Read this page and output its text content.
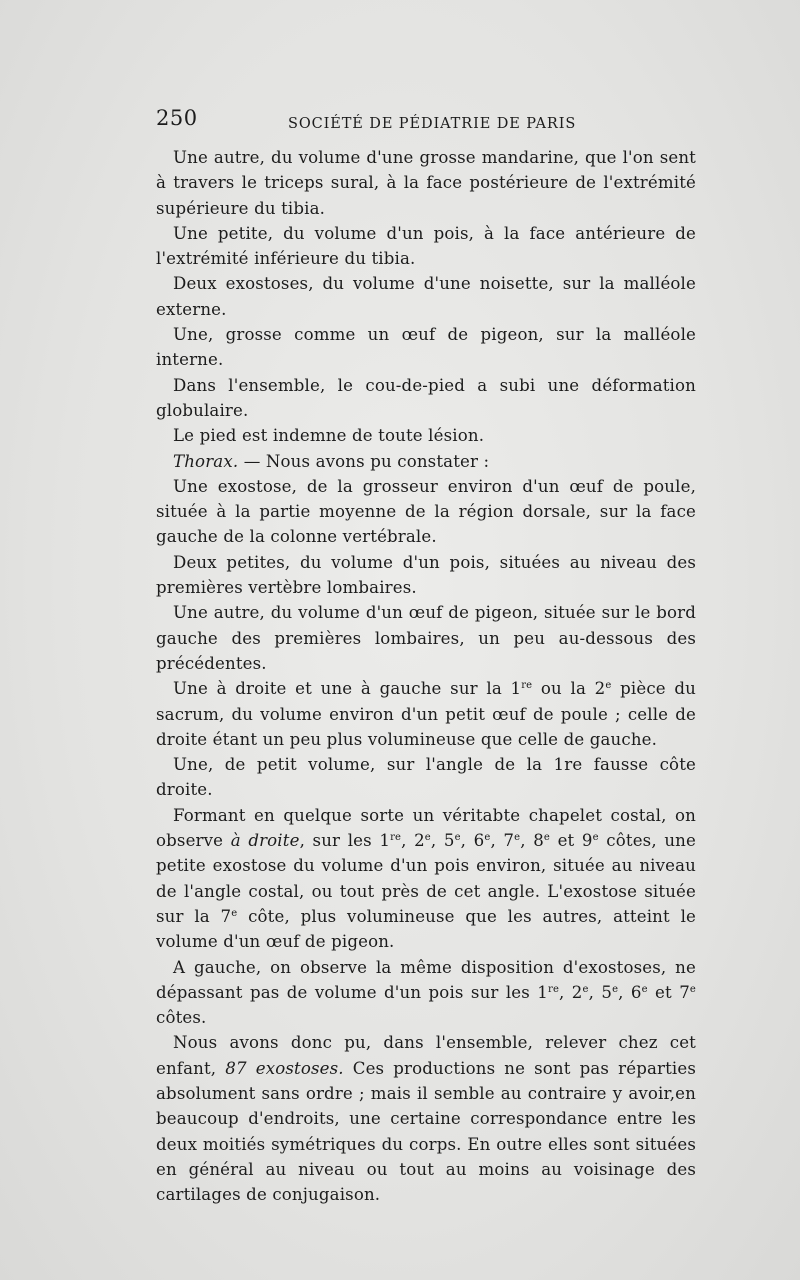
250	SOCIÉTÉ DE PÉDIATRIE DE PARIS

Une autre, du volume d'une grosse mandarine, que l'on sent à travers le triceps sural, à la face postérieure de l'extrémité supérieure du tibia.

Une petite, du volume d'un pois, à la face antérieure de l'extrémité inférieure du tibia.

Deux exostoses, du volume d'une noisette, sur la malléole externe.

Une, grosse comme un œuf de pigeon, sur la malléole interne.

Dans l'ensemble, le cou-de-pied a subi une déformation globulaire.

Le pied est indemne de toute lésion.

Thorax. — Nous avons pu constater :

Une exostose, de la grosseur environ d'un œuf de poule, située à la partie moyenne de la région dorsale, sur la face gauche de la colonne vertébrale.

Deux petites, du volume d'un pois, situées au niveau des premières vertèbre lombaires.

Une autre, du volume d'un œuf de pigeon, située sur le bord gauche des premières lombaires, un peu au-dessous des précédentes.

Une à droite et une à gauche sur la 1re ou la 2e pièce du sacrum, du volume environ d'un petit œuf de poule ; celle de droite étant un peu plus volumineuse que celle de gauche.

Une, de petit volume, sur l'angle de la 1re fausse côte droite.

Formant en quelque sorte un véritabte chapelet costal, on observe à droite, sur les 1re, 2e, 5e, 6e, 7e, 8e et 9e côtes, une petite exostose du volume d'un pois environ, située au niveau de l'angle costal, ou tout près de cet angle. L'exostose située sur la 7e côte, plus volumineuse que les autres, atteint le volume d'un œuf de pigeon.

A gauche, on observe la même disposition d'exostoses, ne dépassant pas de volume d'un pois sur les 1re, 2e, 5e, 6e et 7e côtes.

Nous avons donc pu, dans l'ensemble, relever chez cet enfant, 87 exostoses. Ces productions ne sont pas réparties absolument sans ordre ; mais il semble au contraire y avoir,en beaucoup d'endroits, une certaine correspondance entre les deux moitiés symétriques du corps. En outre elles sont situées en général au niveau ou tout au moins au voisinage des cartilages de conjugaison.
